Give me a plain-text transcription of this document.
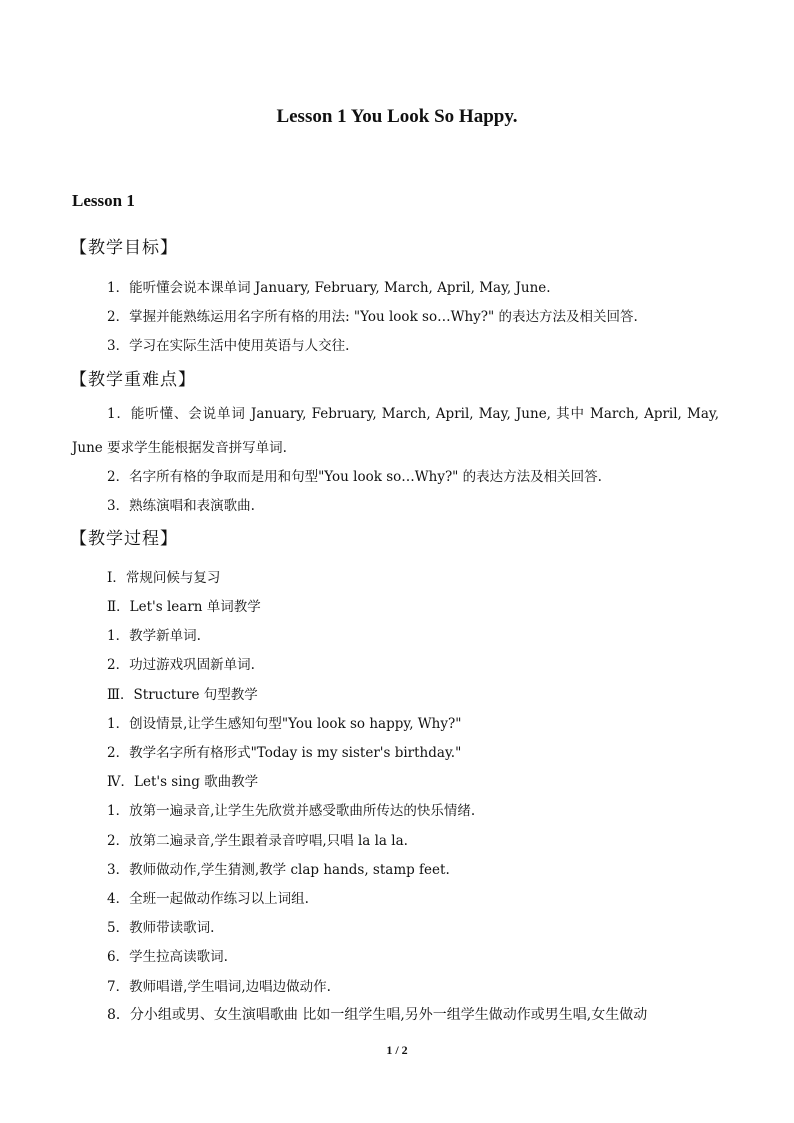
Lesson 1 You Look So Happy.
Lesson 1
【教学目标】
1．能听懂会说本课单词 January, February, March, April, May, June.
2．掌握并能熟练运用名字所有格的用法: "You look so…Why?" 的表达方法及相关回答.
3．学习在实际生活中使用英语与人交往.
【教学重难点】
1．能听懂、会说单词 January, February, March, April, May, June, 其中 March, April, May,
June 要求学生能根据发音拼写单词.
2．名字所有格的争取而是用和句型"You look so…Why?" 的表达方法及相关回答.
3．熟练演唱和表演歌曲.
【教学过程】
Ⅰ．常规问候与复习
Ⅱ．Let's learn 单词教学
1．教学新单词.
2．功过游戏巩固新单词.
Ⅲ．Structure 句型教学
1．创设情景,让学生感知句型"You look so happy, Why?"
2．教学名字所有格形式"Today is my sister's birthday."
Ⅳ．Let's sing 歌曲教学
1．放第一遍录音,让学生先欣赏并感受歌曲所传达的快乐情绪.
2．放第二遍录音,学生跟着录音哼唱,只唱 la la la.
3．教师做动作,学生猜测,教学 clap hands, stamp feet.
4．全班一起做动作练习以上词组.
5．教师带读歌词.
6．学生拉高读歌词.
7．教师唱谱,学生唱词,边唱边做动作.
8．分小组或男、女生演唱歌曲 比如一组学生唱,另外一组学生做动作或男生唱,女生做动
1 / 2
